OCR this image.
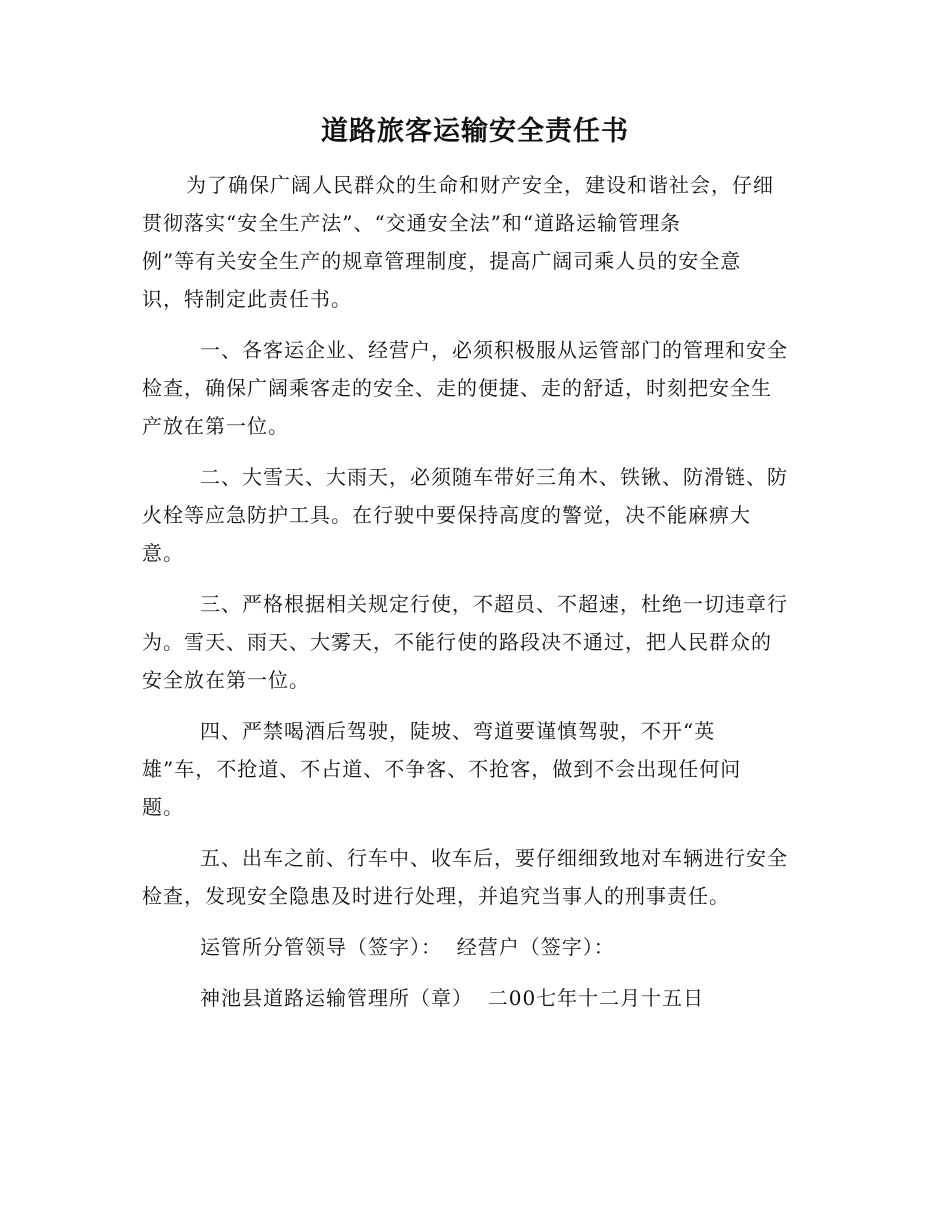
道路旅客运输安全责任书
为了确保广阔人民群众的生命和财产安全，建设和谐社会，仔细
贯彻落实“安全生产法”、“交通安全法”和“道路运输管理条
例”等有关安全生产的规章管理制度，提高广阔司乘人员的安全意
识，特制定此责任书。
一、各客运企业、经营户，必须积极服从运管部门的管理和安全
检查，确保广阔乘客走的安全、走的便捷、走的舒适，时刻把安全生
产放在第一位。
二、大雪天、大雨天，必须随车带好三角木、铁锹、防滑链、防
火栓等应急防护工具。在行驶中要保持高度的警觉，决不能麻痹大
意。
三、严格根据相关规定行使，不超员、不超速，杜绝一切违章行
为。雪天、雨天、大雾天，不能行使的路段决不通过，把人民群众的
安全放在第一位。
四、严禁喝酒后驾驶，陡坡、弯道要谨慎驾驶，不开“英
雄”车，不抢道、不占道、不争客、不抢客，做到不会出现任何问
题。
五、出车之前、行车中、收车后，要仔细细致地对车辆进行安全
检查，发现安全隐患及时进行处理，并追究当事人的刑事责任。
运管所分管领导（签字）：  经营户（签字）：
神池县道路运输管理所（章）  二00七年十二月十五日
